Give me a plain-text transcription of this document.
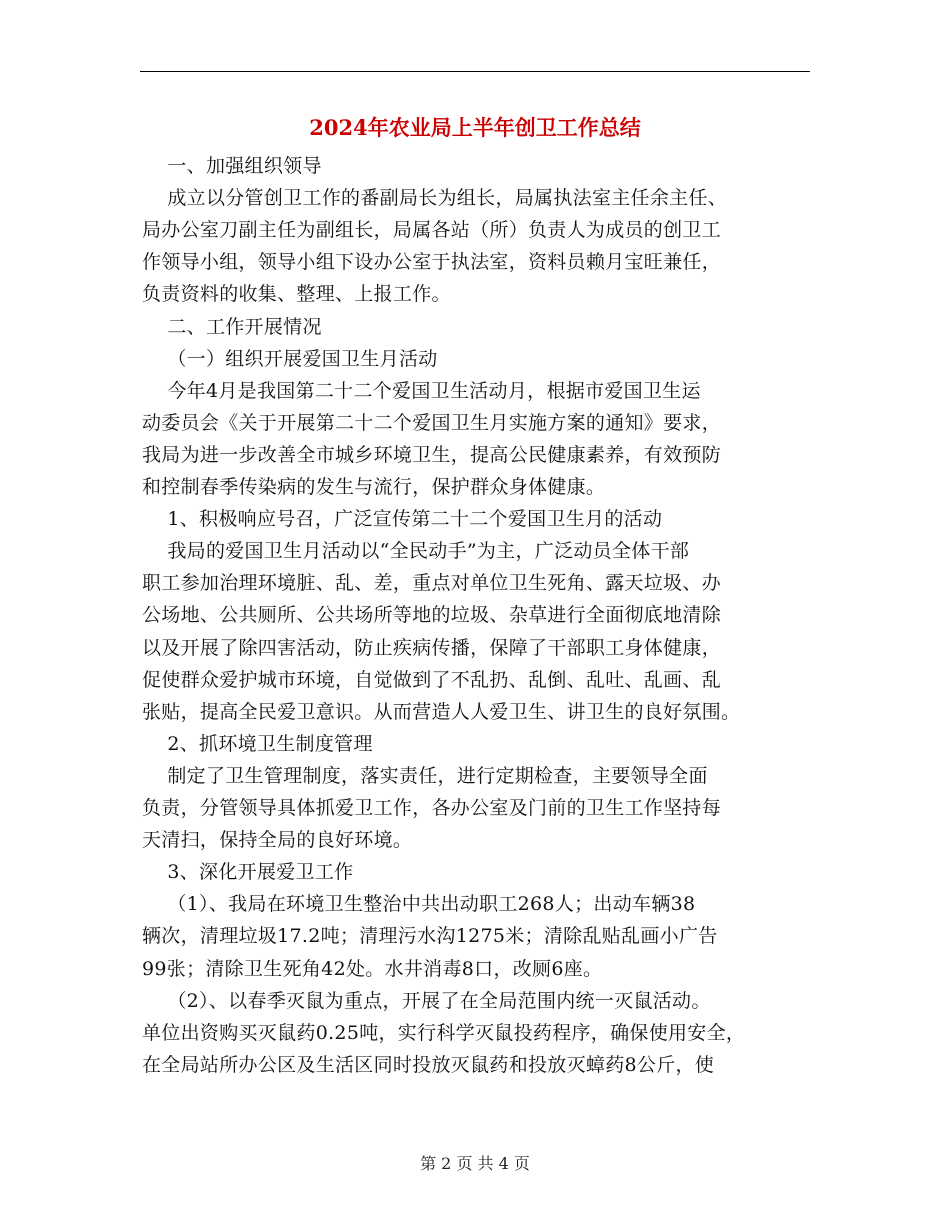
2024年农业局上半年创卫工作总结
一、加强组织领导
成立以分管创卫工作的番副局长为组长，局属执法室主任余主任、
局办公室刀副主任为副组长，局属各站（所）负责人为成员的创卫工
作领导小组，领导小组下设办公室于执法室，资料员赖月宝旺兼任，
负责资料的收集、整理、上报工作。
二、工作开展情况
（一）组织开展爱国卫生月活动
今年4月是我国第二十二个爱国卫生活动月，根据市爱国卫生运
动委员会《关于开展第二十二个爱国卫生月实施方案的通知》要求，
我局为进一步改善全市城乡环境卫生，提高公民健康素养，有效预防
和控制春季传染病的发生与流行，保护群众身体健康。
1、积极响应号召，广泛宣传第二十二个爱国卫生月的活动
我局的爱国卫生月活动以“全民动手”为主，广泛动员全体干部
职工参加治理环境脏、乱、差，重点对单位卫生死角、露天垃圾、办
公场地、公共厕所、公共场所等地的垃圾、杂草进行全面彻底地清除
以及开展了除四害活动，防止疾病传播，保障了干部职工身体健康，
促使群众爱护城市环境，自觉做到了不乱扔、乱倒、乱吐、乱画、乱
张贴，提高全民爱卫意识。从而营造人人爱卫生、讲卫生的良好氛围。
2、抓环境卫生制度管理
制定了卫生管理制度，落实责任，进行定期检查，主要领导全面
负责，分管领导具体抓爱卫工作，各办公室及门前的卫生工作坚持每
天清扫，保持全局的良好环境。
3、深化开展爱卫工作
（1）、我局在环境卫生整治中共出动职工268人；出动车辆38
辆次，清理垃圾17.2吨；清理污水沟1275米；清除乱贴乱画小广告
99张；清除卫生死角42处。水井消毒8口，改厕6座。
（2）、以春季灭鼠为重点，开展了在全局范围内统一灭鼠活动。
单位出资购买灭鼠药0.25吨，实行科学灭鼠投药程序，确保使用安全，
在全局站所办公区及生活区同时投放灭鼠药和投放灭蟑药8公斤，使
第 2 页 共 4 页
